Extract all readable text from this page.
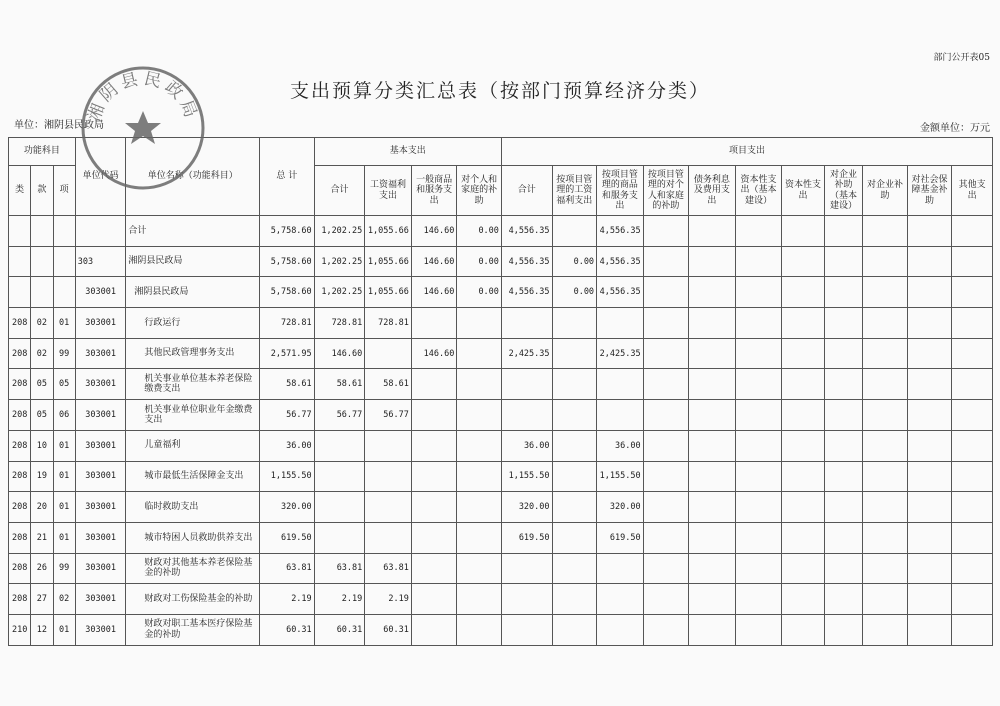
部门公开表05
支出预算分类汇总表（按部门预算经济分类）
单位：湘阴县民政局	金额单位：万元
功能科目			单位代码	单位名称（功能科目）	总 计	基本支出				项目支出										
类	款	项				合计	工资福利支出	一般商品和服务支出	对个人和家庭的补助	合计	按项目管理的工资福利支出	按项目管理的商品和服务支出	按项目管理的对个人和家庭的补助	债务利息及费用支出	资本性支出（基本建设）	资本性支出	对企业补助（基本建设）	对企业补助	对社会保障基金补助	其他支出
				合计	5,758.60	1,202.25	1,055.66	146.60	0.00	4,556.35		4,556.35								
			303	湘阴县民政局	5,758.60	1,202.25	1,055.66	146.60	0.00	4,556.35	0.00	4,556.35								
			303001	湘阴县民政局	5,758.60	1,202.25	1,055.66	146.60	0.00	4,556.35	0.00	4,556.35								
208	02	01	303001	行政运行	728.81	728.81	728.81													
208	02	99	303001	其他民政管理事务支出	2,571.95	146.60		146.60		2,425.35		2,425.35								
208	05	05	303001	机关事业单位基本养老保险缴费支出	58.61	58.61	58.61													
208	05	06	303001	机关事业单位职业年金缴费支出	56.77	56.77	56.77													
208	10	01	303001	儿童福利	36.00					36.00		36.00								
208	19	01	303001	城市最低生活保障金支出	1,155.50					1,155.50		1,155.50								
208	20	01	303001	临时救助支出	320.00					320.00		320.00								
208	21	01	303001	城市特困人员救助供养支出	619.50					619.50		619.50								
208	26	99	303001	财政对其他基本养老保险基金的补助	63.81	63.81	63.81													
208	27	02	303001	财政对工伤保险基金的补助	2.19	2.19	2.19													
210	12	01	303001	财政对职工基本医疗保险基金的补助	60.31	60.31	60.31													
湘阴县民政局
